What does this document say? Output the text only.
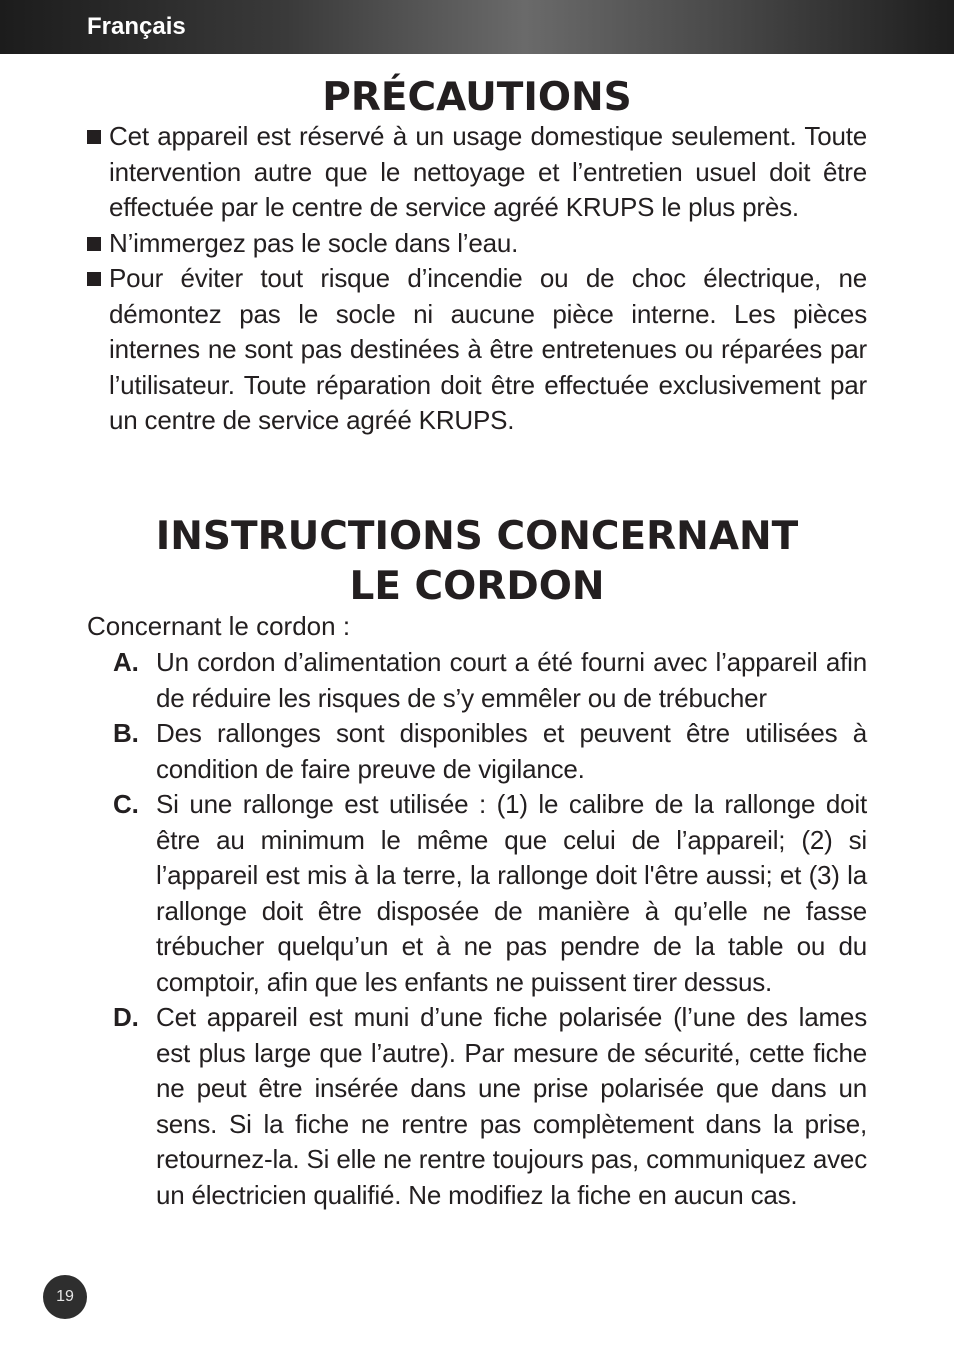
Français
PRÉCAUTIONS
Cet appareil est réservé à un usage domestique seulement. Toute intervention autre que le nettoyage et l’entretien usuel doit être effectuée par le centre de service agréé KRUPS le plus près.
N’immergez pas le socle dans l’eau.
Pour éviter tout risque d’incendie ou de choc électrique, ne démontez pas le socle ni aucune pièce interne. Les pièces internes ne sont pas destinées à être entretenues ou réparées par l’utilisateur. Toute réparation doit être effectuée exclusivement par un centre de service agréé KRUPS.
INSTRUCTIONS CONCERNANT
LE CORDON
Concernant le cordon :
A. Un cordon d’alimentation court a été fourni avec l’appareil afin de réduire les risques de s’y emmêler ou de trébucher
B. Des rallonges sont disponibles et peuvent être utilisées à condition de faire preuve de vigilance.
C. Si une rallonge est utilisée : (1) le calibre de la rallonge doit être au minimum le même que celui de l’appareil; (2) si l’appareil est mis à la terre, la rallonge doit l'être aussi; et (3) la rallonge doit être disposée de manière à qu’elle ne fasse trébucher quelqu’un et à ne pas pendre de la table ou du comptoir, afin que les enfants ne puissent tirer dessus.
D. Cet appareil est muni d’une fiche polarisée (l’une des lames est plus large que l’autre). Par mesure de sécurité, cette fiche ne peut être insérée dans une prise polarisée que dans un sens. Si la fiche ne rentre pas complètement dans la prise, retournez-la. Si elle ne rentre toujours pas, communiquez avec un électricien qualifié. Ne modifiez la fiche en aucun cas.
19
